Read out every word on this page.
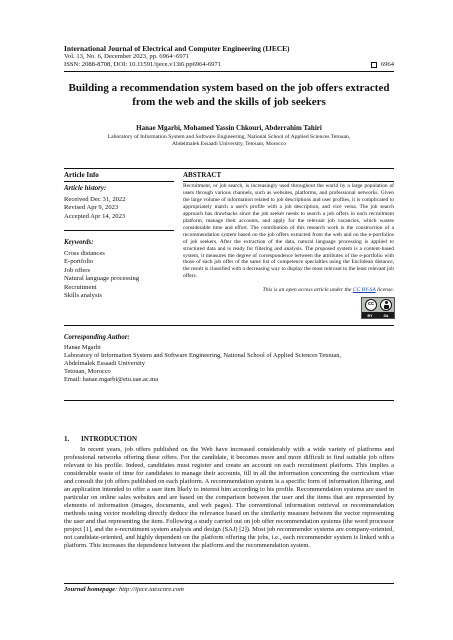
International Journal of Electrical and Computer Engineering (IJECE)
Vol. 13, No. 6, December 2023, pp. 6964~6971
ISSN: 2088-8708, DOI: 10.11591/ijece.v13i6.pp6964-6971	6964
Building a recommendation system based on the job offers extracted from the web and the skills of job seekers
Hanae Mgarbi, Mohamed Yassin Chkouri, Abderrahim Tahiri
Laboratory of Information System and Software Engineering, National School of Applied Sciences Tetouan,
Abdelmalek Essaadi University, Tetouan, Morocco
Article Info	ABSTRACT
Article history:
Received Dec 31, 2022
Revised Apr 9, 2023
Accepted Apr 14, 2023
Keywords:
Cross distances
E-portfolio
Job offers
Natural language processing
Recruitment
Skills analysis
Recruitment, or job search, is increasingly used throughout the world by a large population of users through various channels, such as websites, platforms, and professional networks. Given the large volume of information related to job descriptions and user profiles, it is complicated to appropriately match a user's profile with a job description, and vice versa. The job search approach has drawbacks since the job seeker needs to search a job offers in each recruitment platform, manage their accounts, and apply for the relevant job vacancies, which wastes considerable time and effort. The contribution of this research work is the construction of a recommendation system based on the job offers extracted from the web and on the e-portfolios of job seekers. After the extraction of the data, natural language processing is applied to structured data and is ready for filtering and analysis. The proposed system is a content-based system, it measures the degree of correspondence between the attributes of the e-portfolio with those of each job offer of the same list of competence specialties using the Euclidean distance, the result is classified with a decreasing way to display the most relevant to the least relevant job offers.
This is an open access article under the CC BY-SA license.
cc
BY	SA
Corresponding Author:
Hanae Mgarbi
Laboratory of Information System and Software Engineering, National School of Applied Sciences Tetouan,
Abdelmalek Essaadi University
Tetouan, Morocco
Email: hanae.mgarbi@etu.uae.ac.ma
1. INTRODUCTION
In recent years, job offers published on the Web have increased considerably with a wide variety of platforms and professional networks offering these offers. For the candidate, it becomes more and more difficult to find suitable job offers relevant to his profile. Indeed, candidates must register and create an account on each recruitment platform. This implies a considerable waste of time for candidates to manage their accounts, fill in all the information concerning the curriculum vitae and consult the job offers published on each platform. A recommendation system is a specific form of information filtering, and an application intended to offer a user item likely to interest him according to his profile. Recommendation systems are used in particular on online sales websites and are based on the comparison between the user and the items that are represented by elements of information (images, documents, and web pages). The conventional information retrieval or recommendation methods using vector modeling directly deduce the relevance based on the similarity measure between the vector representing the user and that representing the item. Following a study carried out on job offer recommendation systems (the word processor project [1], and the e-recruitment system analysis and design (SAJ) [2]). Most job recommender systems are company-oriented, not candidate-oriented, and highly dependent on the platform offering the jobs, i.e., each recommender system is linked with a platform. This increases the dependence between the platform and the recommendation system.
Journal homepage: http://ijece.iaescore.com
